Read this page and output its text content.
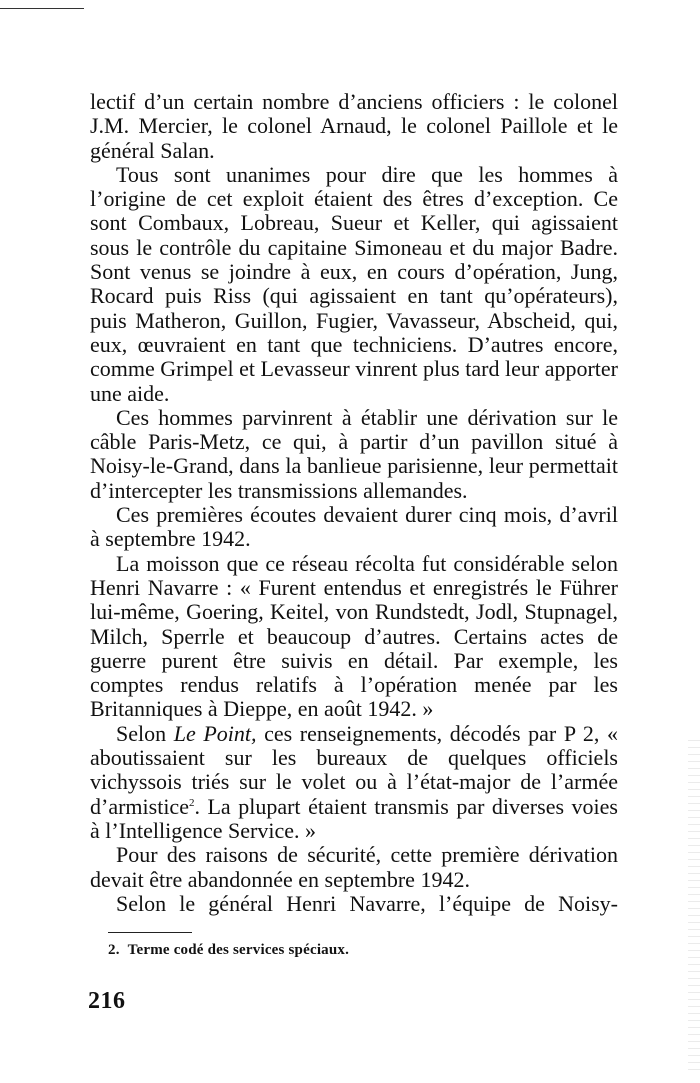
lectif d’un certain nombre d’anciens officiers : le colonel J.M. Mercier, le colonel Arnaud, le colonel Paillole et le général Salan.

Tous sont unanimes pour dire que les hommes à l’origine de cet exploit étaient des êtres d’exception. Ce sont Combaux, Lobreau, Sueur et Keller, qui agissaient sous le contrôle du capitaine Simoneau et du major Badre. Sont venus se joindre à eux, en cours d’opération, Jung, Rocard puis Riss (qui agissaient en tant qu’opérateurs), puis Matheron, Guillon, Fugier, Vavasseur, Abscheid, qui, eux, œuvraient en tant que techniciens. D’autres encore, comme Grimpel et Levasseur vinrent plus tard leur apporter une aide.

Ces hommes parvinrent à établir une dérivation sur le câble Paris-Metz, ce qui, à partir d’un pavillon situé à Noisy-le-Grand, dans la banlieue parisienne, leur permettait d’intercepter les transmissions allemandes.

Ces premières écoutes devaient durer cinq mois, d’avril à septembre 1942.

La moisson que ce réseau récolta fut considérable selon Henri Navarre : « Furent entendus et enregistrés le Führer lui-même, Goering, Keitel, von Rundstedt, Jodl, Stupnagel, Milch, Sperrle et beaucoup d’autres. Certains actes de guerre purent être suivis en détail. Par exemple, les comptes rendus relatifs à l’opération menée par les Britanniques à Dieppe, en août 1942. »

Selon Le Point, ces renseignements, décodés par P 2, « aboutissaient sur les bureaux de quelques officiels vichyssois triés sur le volet ou à l’état-major de l’armée d’armistice$^2$. La plupart étaient transmis par diverses voies à l’Intelligence Service. »

Pour des raisons de sécurité, cette première dérivation devait être abandonnée en septembre 1942.

Selon le général Henri Navarre, l’équipe de Noisy-

2. Terme codé des services spéciaux.
216
